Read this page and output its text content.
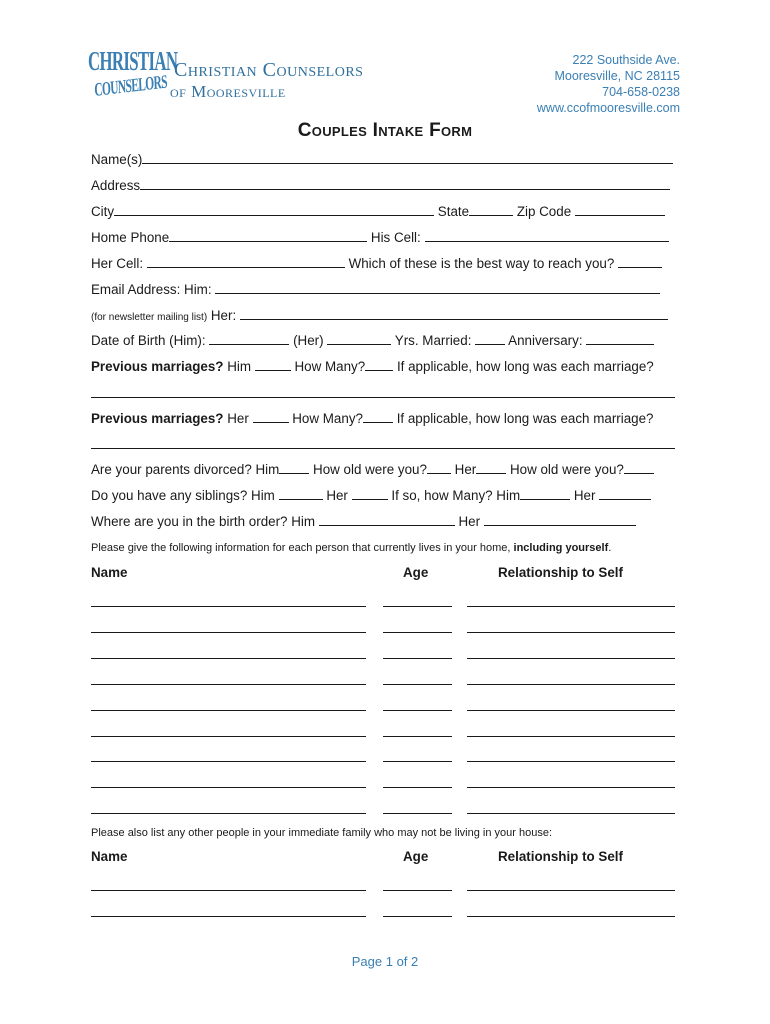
CHRISTIAN
COUNSELORS
Christian Counselors
of Mooresville
222 Southside Ave.
Mooresville, NC 28115
704-658-0238
www.ccofmooresville.com
Couples Intake Form
Name(s)
Address
City	State	Zip Code
Home Phone	His Cell:
Her Cell:	Which of these is the best way to reach you?
Email Address: Him:
(for newsletter mailing list) Her:
Date of Birth (Him):	(Her)	Yrs. Married:	Anniversary:
Previous marriages? Him	How Many? If applicable, how long was each marriage?
Previous marriages? Her	How Many?	If applicable, how long was each marriage?
Are your parents divorced? Him	How old were you? Her	How old were you?
Do you have any siblings? Him	Her	If so, how Many? Him	Her
Where are you in the birth order? Him	Her
Please give the following information for each person that currently lives in your home, including yourself.
Name	Age	Relationship to Self
Please also list any other people in your immediate family who may not be living in your house:
Name	Age	Relationship to Self
Page 1 of 2
